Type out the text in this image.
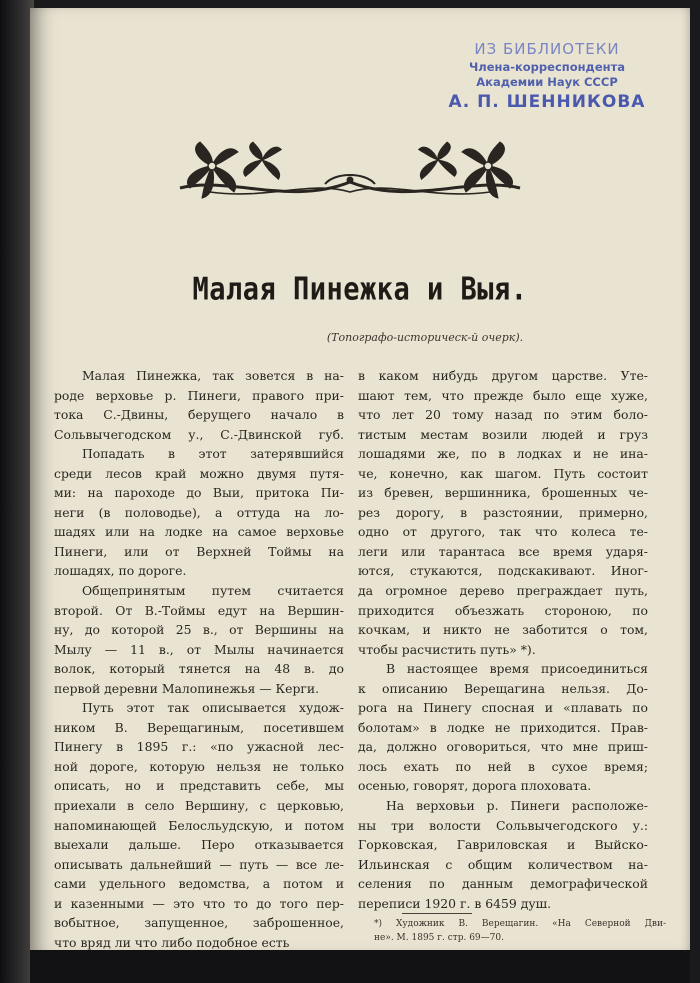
ИЗ БИБЛИОТЕКИ
Члена-корреспондента
Академии Наук СССР
А. П. ШЕННИКОВА
Малая Пинежка и Выя.
(Топографо-историческ-й очерк).
Малая Пинежка, так зовется в на-
роде верховье р. Пинеги, правого при-
тока С.-Двины, берущего начало в
Сольвычегодском у., С.-Двинской губ.
Попадать в этот затерявшийся
среди лесов край можно двумя путя-
ми: на пароходе до Выи, притока Пи-
неги (в половодье), а оттуда на ло-
шадях или на лодке на самое верховье
Пинеги, или от Верхней Тоймы на
лошадях, по дороге.
Общепринятым путем считается
второй. От В.-Тоймы едут на Вершин-
ну, до которой 25 в., от Вершины на
Мылу — 11 в., от Мылы начинается
волок, который тянется на 48 в. до
первой деревни Малопинежья — Керги.
Путь этот так описывается худож-
ником В. Верещагиным, посетившем
Пинегу в 1895 г.: «по ужасной лес-
ной дороге, которую нельзя не только
описать, но и представить себе, мы
приехали в село Вершину, с церковью,
напоминающей Белосльудскую, и потом
выехали дальше. Перо отказывается
описывать дальнейший — путь — все ле-
сами удельного ведомства, а потом и
и казенными — это что то до того пер-
вобытное, запущенное, заброшенное,
что вряд ли что либо подобное есть
в каком нибудь другом царстве. Уте-
шают тем, что прежде было еще хуже,
что лет 20 тому назад по этим боло-
тистым местам возили людей и груз
лошадями же, по в лодках и не ина-
че, конечно, как шагом. Путь состоит
из бревен, вершинника, брошенных че-
рез дорогу, в разстоянии, примерно,
одно от другого, так что колеса те-
леги или тарантаса все время ударя-
ются, стукаются, подскакивают. Иног-
да огромное дерево преграждает путь,
приходится объезжать стороною, по
кочкам, и никто не заботится о том,
чтобы расчистить путь» *).
В настоящее время присоединиться
к описанию Верещагина нельзя. До-
рога на Пинегу спосная и «плавать по
болотам» в лодке не приходится. Прав-
да, должно оговориться, что мне приш-
лось ехать по ней в сухое время;
осенью, говорят, дорога плоховата.
На верховьи р. Пинеги расположе-
ны три волости Сольвычегодского у.:
Горковская, Гавриловская и Выйско-
Ильинская с общим количеством на-
селения по данным демографической
переписи 1920 г. в 6459 душ.
*) Художник В. Верещагин. «На Северной Дви-
не». М. 1895 г. стр. 69—70.
